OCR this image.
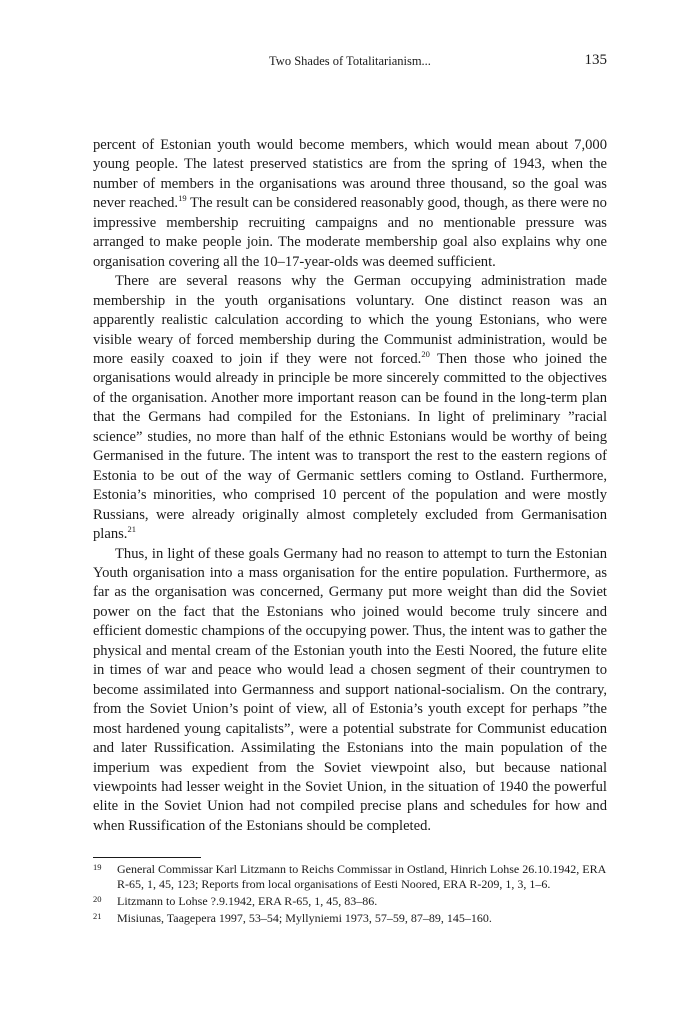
Two Shades of Totalitarianism...	135

percent of Estonian youth would become members, which would mean about 7,000 young people. The latest preserved statistics are from the spring of 1943, when the number of members in the organisations was around three thousand, so the goal was never reached.$^{19}$ The result can be considered reasonably good, though, as there were no impressive membership recruiting campaigns and no mentionable pressure was arranged to make people join. The moderate membership goal also explains why one organisation covering all the 10–17-year-olds was deemed sufficient.

There are several reasons why the German occupying administration made membership in the youth organisations voluntary. One distinct reason was an apparently realistic calculation according to which the young Estonians, who were visible weary of forced membership during the Communist administration, would be more easily coaxed to join if they were not forced.$^{20}$ Then those who joined the organisations would already in principle be more sincerely committed to the objectives of the organisation. Another more important reason can be found in the long-term plan that the Germans had compiled for the Estonians. In light of preliminary ”racial science” studies, no more than half of the ethnic Estonians would be worthy of being Germanised in the future. The intent was to transport the rest to the eastern regions of Estonia to be out of the way of Germanic settlers coming to Ostland. Furthermore, Estonia’s minorities, who comprised 10 percent of the population and were mostly Russians, were already originally almost completely excluded from Germanisation plans.$^{21}$

Thus, in light of these goals Germany had no reason to attempt to turn the Estonian Youth organisation into a mass organisation for the entire population. Furthermore, as far as the organisation was concerned, Germany put more weight than did the Soviet power on the fact that the Estonians who joined would become truly sincere and efficient domestic champions of the occupying power. Thus, the intent was to gather the physical and mental cream of the Estonian youth into the Eesti Noored, the future elite in times of war and peace who would lead a chosen segment of their countrymen to become assimilated into Germanness and support national-socialism. On the contrary, from the Soviet Union’s point of view, all of Estonia’s youth except for perhaps ”the most hardened young capitalists”, were a potential substrate for Communist education and later Russification. Assimilating the Estonians into the main population of the imperium was expedient from the Soviet viewpoint also, but because national viewpoints had lesser weight in the Soviet Union, in the situation of 1940 the powerful elite in the Soviet Union had not compiled precise plans and schedules for how and when Russification of the Estonians should be completed.

19 General Commissar Karl Litzmann to Reichs Commissar in Ostland, Hinrich Lohse 26.10.1942, ERA R-65, 1, 45, 123; Reports from local organisations of Eesti Noored, ERA R-209, 1, 3, 1–6.
20 Litzmann to Lohse ?.9.1942, ERA R-65, 1, 45, 83–86.
21 Misiunas, Taagepera 1997, 53–54; Myllyniemi 1973, 57–59, 87–89, 145–160.
